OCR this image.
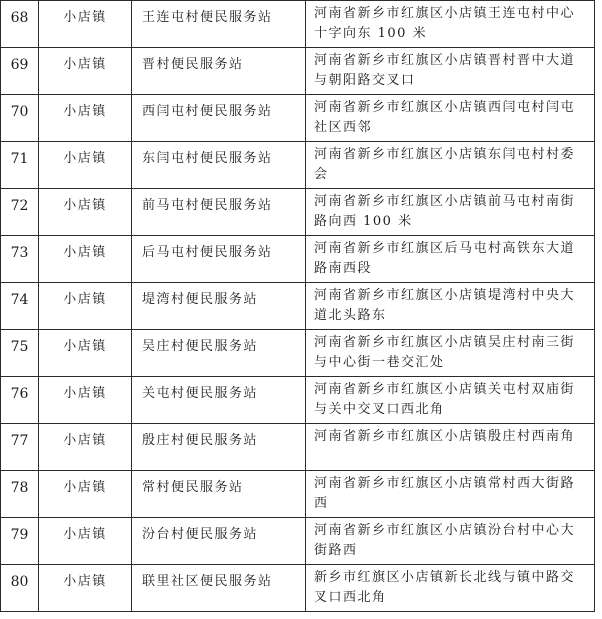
68	小店镇	王连屯村便民服务站	河南省新乡市红旗区小店镇王连屯村中心十字向东 100 米
69	小店镇	晋村便民服务站	河南省新乡市红旗区小店镇晋村晋中大道与朝阳路交叉口
70	小店镇	西闫屯村便民服务站	河南省新乡市红旗区小店镇西闫屯村闫屯社区西邻
71	小店镇	东闫屯村便民服务站	河南省新乡市红旗区小店镇东闫屯村村委会
72	小店镇	前马屯村便民服务站	河南省新乡市红旗区小店镇前马屯村南街路向西 100 米
73	小店镇	后马屯村便民服务站	河南省新乡市红旗区后马屯村高铁东大道路南西段
74	小店镇	堤湾村便民服务站	河南省新乡市红旗区小店镇堤湾村中央大道北头路东
75	小店镇	吴庄村便民服务站	河南省新乡市红旗区小店镇吴庄村南三街与中心街一巷交汇处
76	小店镇	关屯村便民服务站	河南省新乡市红旗区小店镇关屯村双庙街与关中交叉口西北角
77	小店镇	殷庄村便民服务站	河南省新乡市红旗区小店镇殷庄村西南角
78	小店镇	常村便民服务站	河南省新乡市红旗区小店镇常村西大街路西
79	小店镇	汾台村便民服务站	河南省新乡市红旗区小店镇汾台村中心大街路西
80	小店镇	联里社区便民服务站	新乡市红旗区小店镇新长北线与镇中路交叉口西北角
